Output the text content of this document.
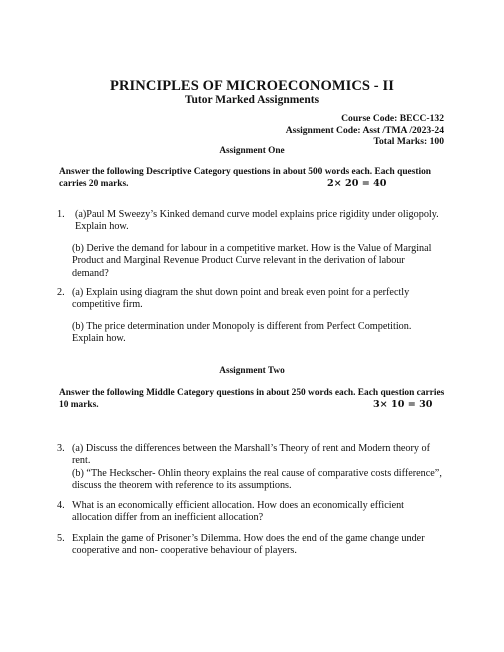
PRINCIPLES OF MICROECONOMICS - II
Tutor Marked Assignments
Course Code: BECC-132
Assignment Code: Asst /TMA /2023-24
Total Marks: 100
Assignment One
Answer the following Descriptive Category questions in about 500 words each. Each question carries 20 marks.	2× 𝟐𝟎 = 𝟒𝟎
1. (a)Paul M Sweezy’s Kinked demand curve model explains price rigidity under oligopoly. Explain how.

(b) Derive the demand for labour in a competitive market. How is the Value of Marginal Product and Marginal Revenue Product Curve relevant in the derivation of labour demand?

2. (a) Explain using diagram the shut down point and break even point for a perfectly competitive firm.

(b) The price determination under Monopoly is different from Perfect Competition. Explain how.

Assignment Two
Answer the following Middle Category questions in about 250 words each. Each question carries 10 marks.	3× 𝟏𝟎 = 𝟑𝟎
3. (a) Discuss the differences between the Marshall’s Theory of rent and Modern theory of rent.

(b) “The Heckscher- Ohlin theory explains the real cause of comparative costs difference”, discuss the theorem with reference to its assumptions.

4. What is an economically efficient allocation. How does an economically efficient allocation differ from an inefficient allocation?

5. Explain the game of Prisoner’s Dilemma. How does the end of the game change under cooperative and non- cooperative behaviour of players.
